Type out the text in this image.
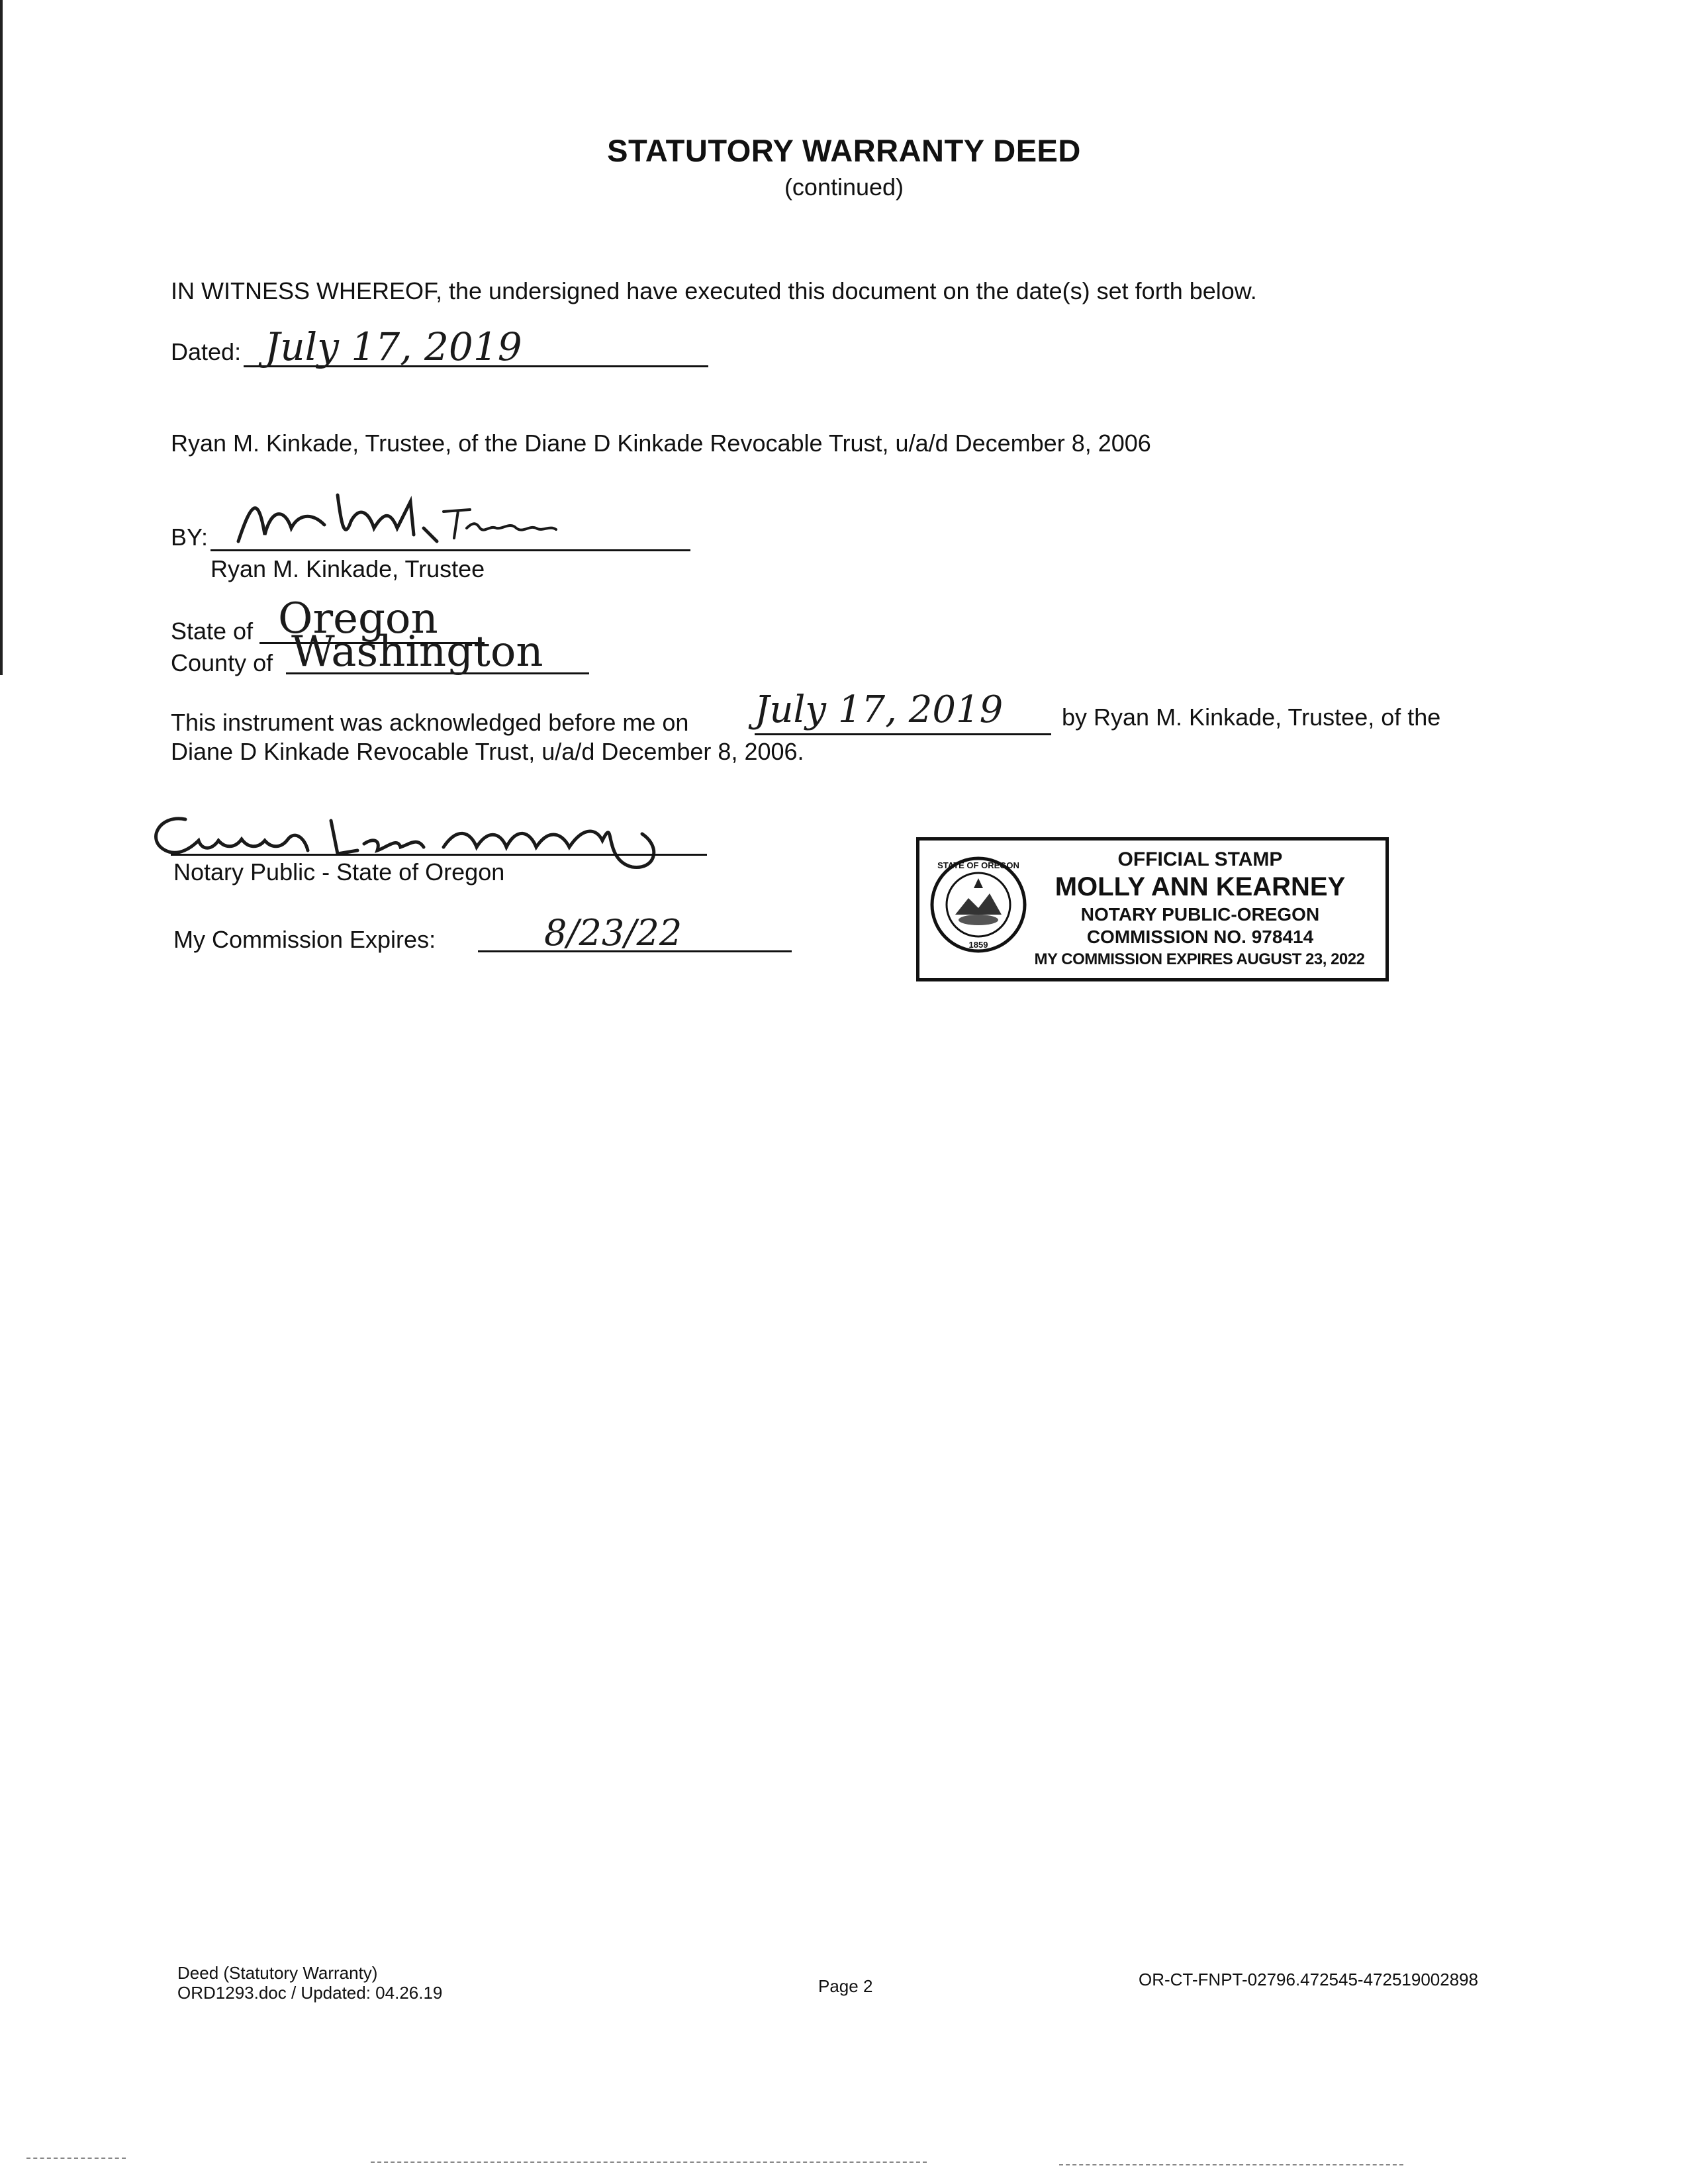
STATUTORY WARRANTY DEED
(continued)
IN WITNESS WHEREOF, the undersigned have executed this document on the date(s) set forth below.
Dated: July 17, 2019
Ryan M. Kinkade, Trustee, of the Diane D Kinkade Revocable Trust, u/a/d December 8, 2006
BY:
Ryan M. Kinkade, Trustee
State of Oregon
County of Washington
This instrument was acknowledged before me on July 17, 2019 by Ryan M. Kinkade, Trustee, of the
Diane D Kinkade Revocable Trust, u/a/d December 8, 2006.
Notary Public - State of Oregon
My Commission Expires:	8/23/22
STATE OF OREGON
1859
OFFICIAL STAMP
MOLLY ANN KEARNEY
NOTARY PUBLIC-OREGON
COMMISSION NO. 978414
MY COMMISSION EXPIRES AUGUST 23, 2022
Deed (Statutory Warranty)
ORD1293.doc / Updated: 04.26.19	Page 2	OR-CT-FNPT-02796.472545-472519002898
